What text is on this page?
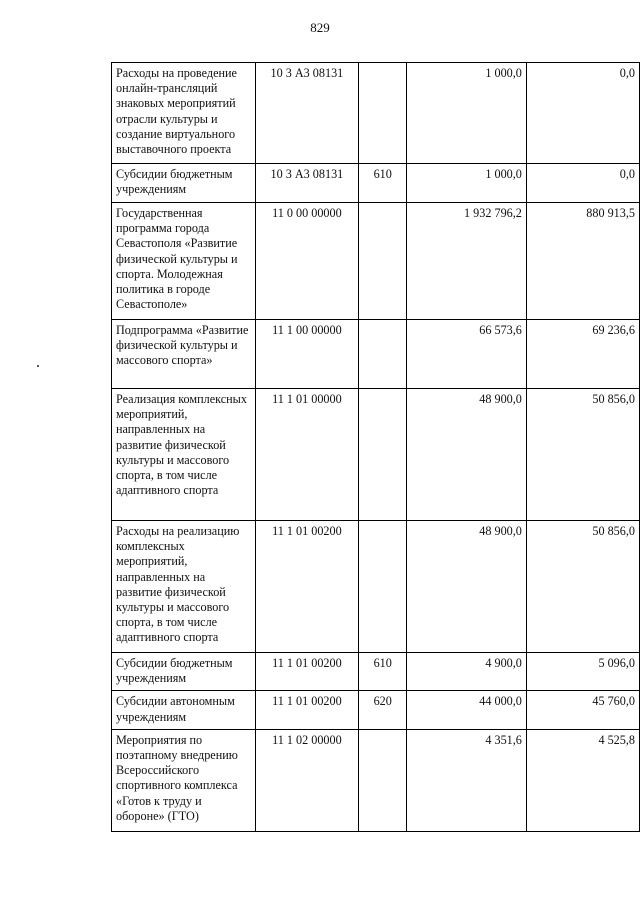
829
Расходы на проведение онлайн-трансляций знаковых мероприятий отрасли культуры и создание виртуального выставочного проекта	10 3 А3 08131		1 000,0	0,0
Субсидии бюджетным учреждениям	10 3 А3 08131	610	1 000,0	0,0
Государственная программа города Севастополя «Развитие физической культуры и спорта. Молодежная политика в городе Севастополе»	11 0 00 00000		1 932 796,2	880 913,5
Подпрограмма «Развитие физической культуры и массового спорта»	11 1 00 00000		66 573,6	69 236,6
Реализация комплексных мероприятий, направленных на развитие физической культуры и массового спорта, в том числе адаптивного спорта	11 1 01 00000		48 900,0	50 856,0
Расходы на реализацию комплексных мероприятий, направленных на развитие физической культуры и массового спорта, в том числе адаптивного спорта	11 1 01 00200		48 900,0	50 856,0
Субсидии бюджетным учреждениям	11 1 01 00200	610	4 900,0	5 096,0
Субсидии автономным учреждениям	11 1 01 00200	620	44 000,0	45 760,0
Мероприятия по поэтапному внедрению Всероссийского спортивного комплекса «Готов к труду и обороне» (ГТО)	11 1 02 00000		4 351,6	4 525,8
